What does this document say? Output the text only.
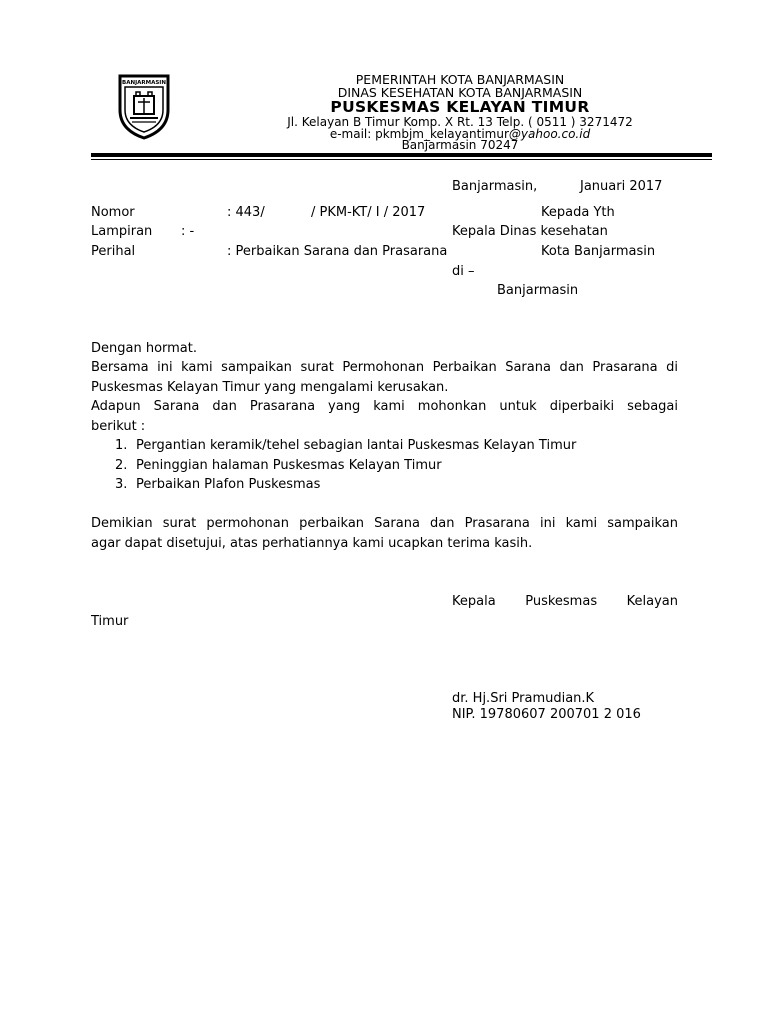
BANJARMASIN	PEMERINTAH KOTA BANJARMASIN
DINAS KESEHATAN KOTA BANJARMASIN
PUSKESMAS KELAYAN TIMUR
Jl. Kelayan B Timur Komp. X Rt. 13 Telp. ( 0511 ) 3271472
e-mail: pkmbjm_kelayantimur@yahoo.co.id
Banjarmasin 70247
Banjarmasin,	Januari 2017
Nomor	: 443/	/ PKM-KT/ I / 2017
Lampiran : -
Perihal	: Perbaikan Sarana dan Prasarana
Kepada Yth
Kepala Dinas kesehatan
Kota Banjarmasin
di –
Banjarmasin
Dengan hormat.
Bersama ini kami sampaikan surat Permohonan Perbaikan Sarana dan Prasarana di
Puskesmas Kelayan Timur yang mengalami kerusakan.
Adapun Sarana dan Prasarana yang kami mohonkan untuk diperbaiki sebagai
berikut :
1. Pergantian keramik/tehel sebagian lantai Puskesmas Kelayan Timur
2. Peninggian halaman Puskesmas Kelayan Timur
3. Perbaikan Plafon Puskesmas
Demikian surat permohonan perbaikan Sarana dan Prasarana ini kami sampaikan
agar dapat disetujui, atas perhatiannya kami ucapkan terima kasih.
Kepala Puskesmas Kelayan
Timur
dr. Hj.Sri Pramudian.K
NIP. 19780607 200701 2 016
